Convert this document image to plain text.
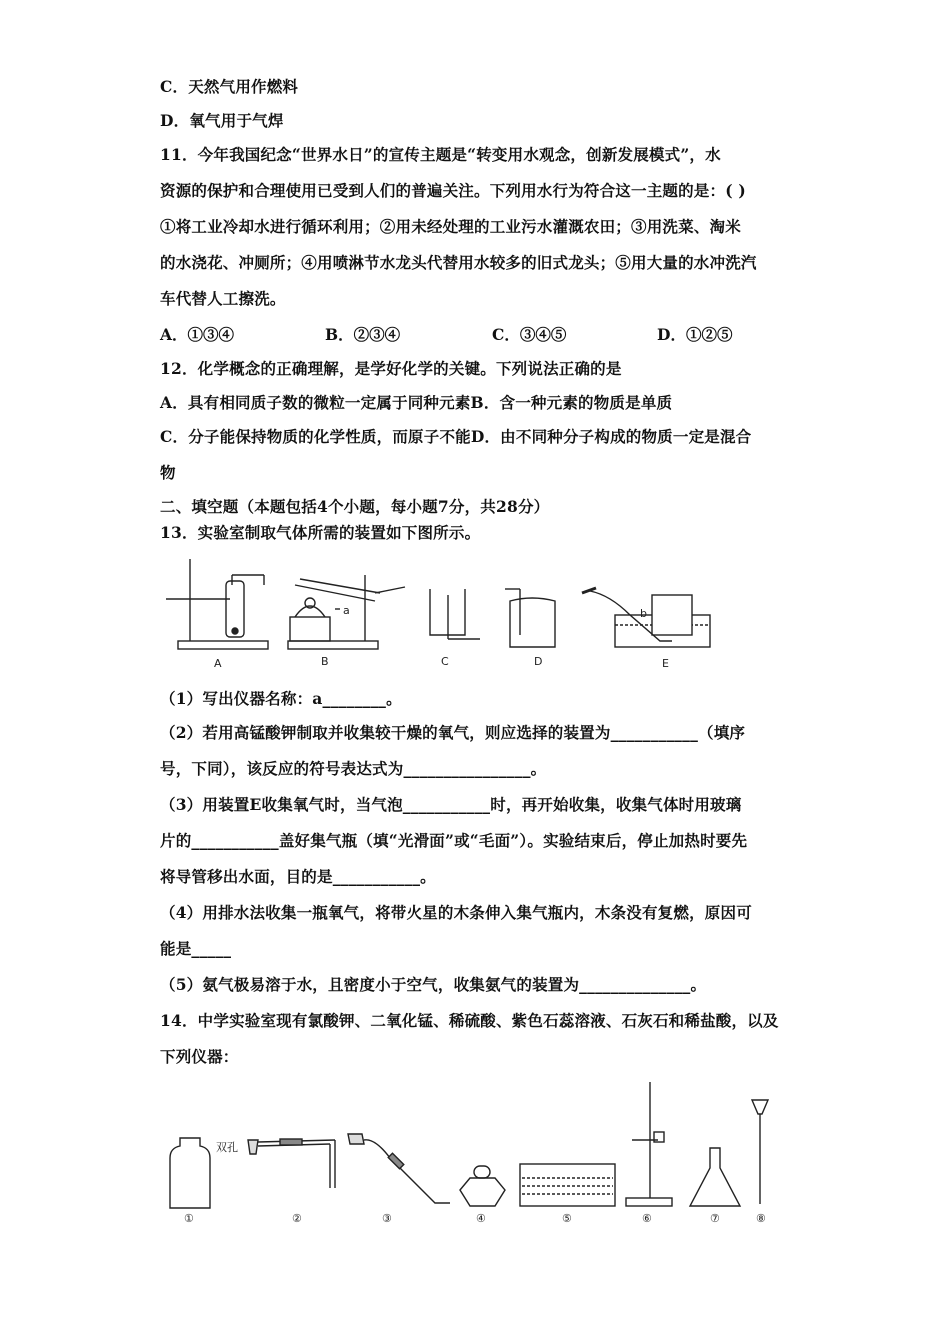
C．天然气用作燃料
D．氧气用于气焊
11．今年我国纪念“世界水日”的宣传主题是“转变用水观念，创新发展模式”，水
资源的保护和合理使用已受到人们的普遍关注。下列用水行为符合这一主题的是：( )
①将工业冷却水进行循环利用；②用未经处理的工业污水灌溉农田；③用洗菜、淘米
的水浇花、冲厕所；④用喷淋节水龙头代替用水较多的旧式龙头；⑤用大量的水冲洗汽
车代替人工擦洗。
A．①③④	B．②③④	C．③④⑤	D．①②⑤
12．化学概念的正确理解，是学好化学的关键。下列说法正确的是
A．具有相同质子数的微粒一定属于同种元素B．含一种元素的物质是单质
C．分子能保持物质的化学性质，而原子不能D．由不同种分子构成的物质一定是混合
物
二、填空题（本题包括4个小题，每小题7分，共28分）
13．实验室制取气体所需的装置如下图所示。
a	b
A	B	C	D	E
（1）写出仪器名称：a________。
（2）若用高锰酸钾制取并收集较干燥的氧气，则应选择的装置为___________（填序
号，下同），该反应的符号表达式为________________。
（3）用装置E收集氧气时，当气泡___________时，再开始收集，收集气体时用玻璃
片的___________盖好集气瓶（填“光滑面”或“毛面”）。实验结束后，停止加热时要先
将导管移出水面，目的是___________。
（4）用排水法收集一瓶氧气，将带火星的木条伸入集气瓶内，木条没有复燃，原因可
能是_____
（5）氨气极易溶于水，且密度小于空气，收集氨气的装置为______________。
14．中学实验室现有氯酸钾、二氧化锰、稀硫酸、紫色石蕊溶液、石灰石和稀盐酸，以及
下列仪器：
双孔
①	②	③	④	⑤	⑥	⑦	⑧
